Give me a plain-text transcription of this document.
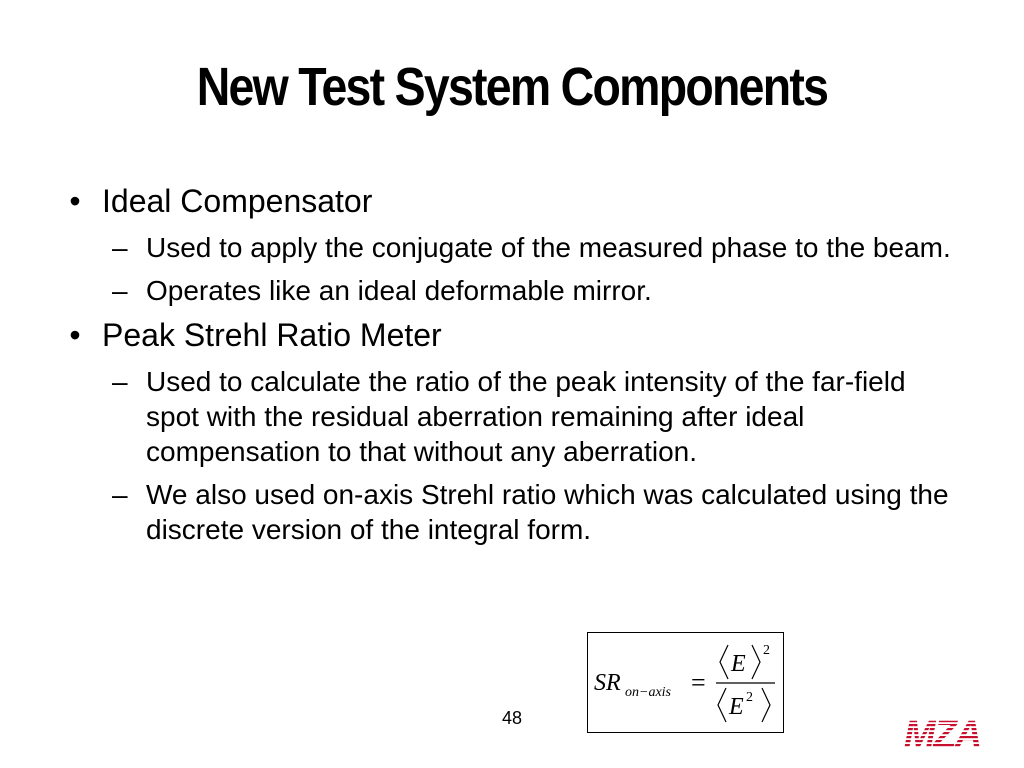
New Test System Components
• Ideal Compensator
– Used to apply the conjugate of the measured phase to the beam.
– Operates like an ideal deformable mirror.
• Peak Strehl Ratio Meter
– Used to calculate the ratio of the peak intensity of the far-field spot with the residual aberration remaining after ideal compensation to that without any aberration.
– We also used on-axis Strehl ratio which was calculated using the discrete version of the integral form.
48
SR on−axis =
E
2
E 2
MZA
